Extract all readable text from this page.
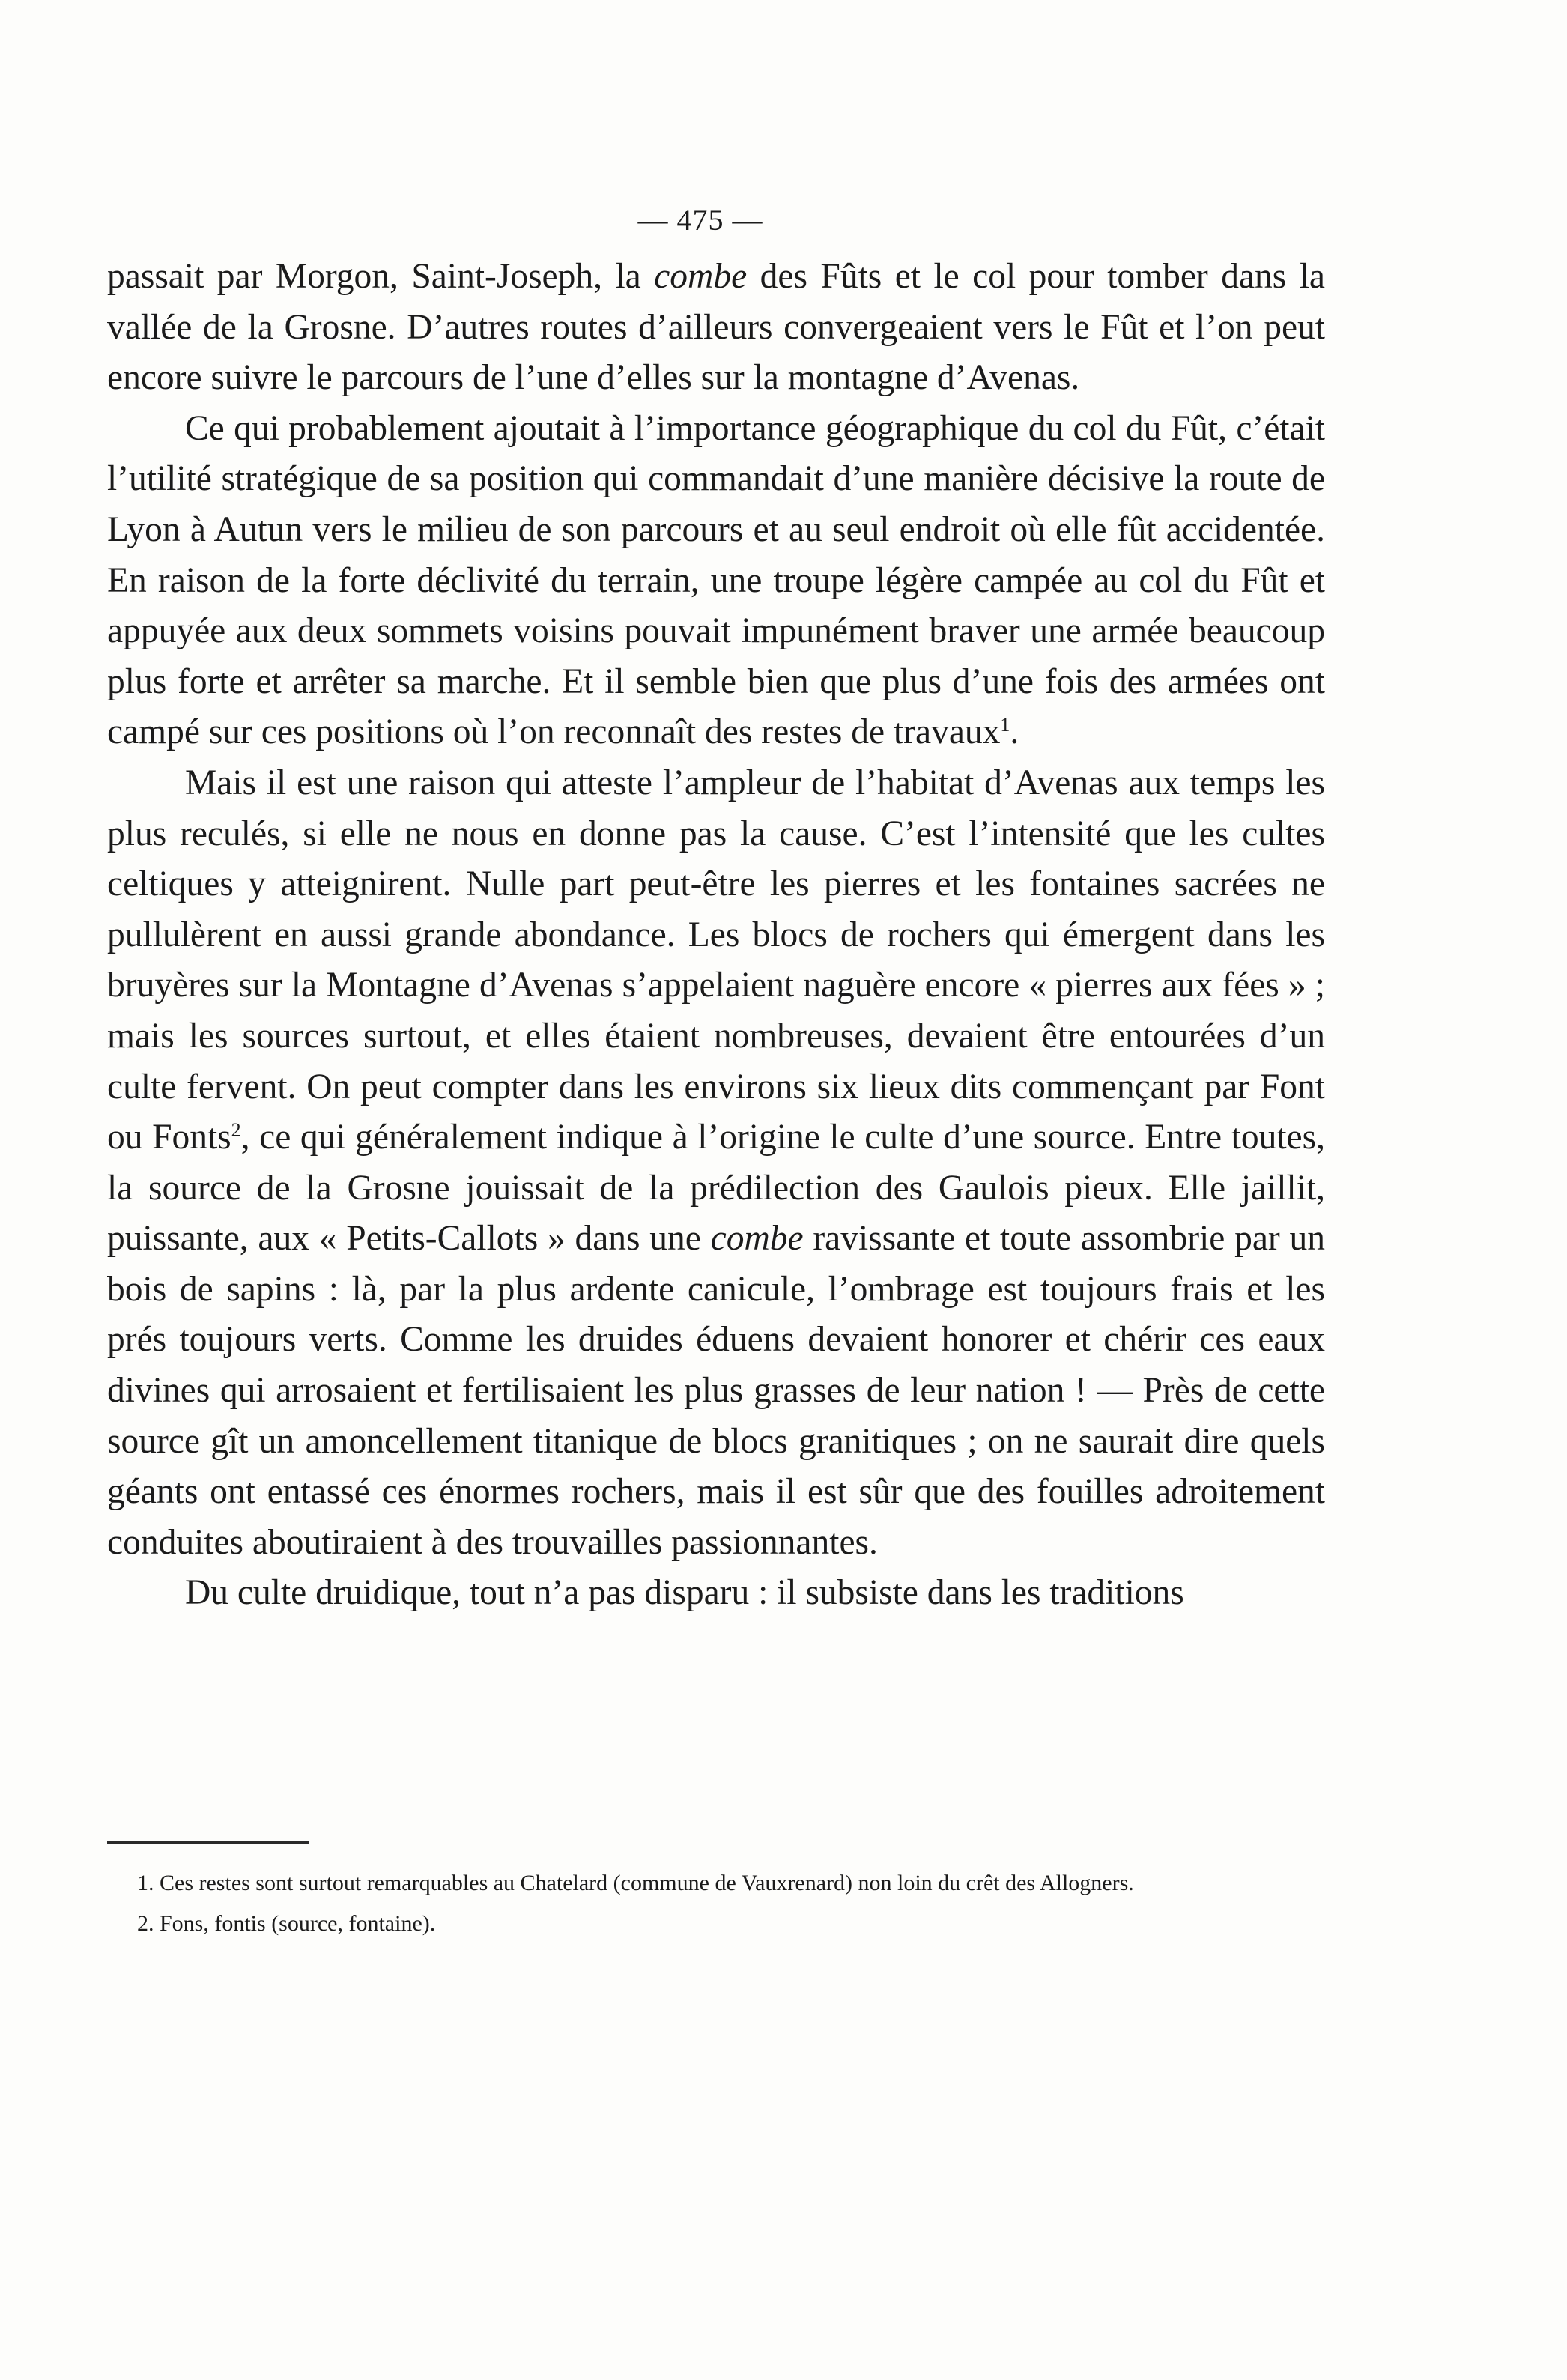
— 475 —

passait par Morgon, Saint-Joseph, la combe des Fûts et le col pour tomber dans la vallée de la Grosne. D’autres routes d’ailleurs convergeaient vers le Fût et l’on peut encore suivre le parcours de l’une d’elles sur la montagne d’Avenas.

Ce qui probablement ajoutait à l’importance géographique du col du Fût, c’était l’utilité stratégique de sa position qui commandait d’une manière décisive la route de Lyon à Autun vers le milieu de son parcours et au seul endroit où elle fût accidentée. En raison de la forte déclivité du terrain, une troupe légère campée au col du Fût et appuyée aux deux sommets voisins pouvait impunément braver une armée beaucoup plus forte et arrêter sa marche. Et il semble bien que plus d’une fois des armées ont campé sur ces positions où l’on reconnaît des restes de travaux$^1$.

Mais il est une raison qui atteste l’ampleur de l’habitat d’Avenas aux temps les plus reculés, si elle ne nous en donne pas la cause. C’est l’intensité que les cultes celtiques y atteignirent. Nulle part peut-être les pierres et les fontaines sacrées ne pullulèrent en aussi grande abondance. Les blocs de rochers qui émergent dans les bruyères sur la Montagne d’Avenas s’appelaient naguère encore « pierres aux fées » ; mais les sources surtout, et elles étaient nombreuses, devaient être entourées d’un culte fervent. On peut compter dans les environs six lieux dits commençant par Font ou Fonts$^2$, ce qui généralement indique à l’origine le culte d’une source. Entre toutes, la source de la Grosne jouissait de la prédilection des Gaulois pieux. Elle jaillit, puissante, aux « Petits-Callots » dans une combe ravissante et toute assombrie par un bois de sapins : là, par la plus ardente canicule, l’ombrage est toujours frais et les prés toujours verts. Comme les druides éduens devaient honorer et chérir ces eaux divines qui arrosaient et fertilisaient les plus grasses de leur nation ! — Près de cette source gît un amoncellement titanique de blocs granitiques ; on ne saurait dire quels géants ont entassé ces énormes rochers, mais il est sûr que des fouilles adroitement conduites aboutiraient à des trouvailles passionnantes.

Du culte druidique, tout n’a pas disparu : il subsiste dans les traditions

1. Ces restes sont surtout remarquables au Chatelard (commune de Vauxrenard) non loin du crêt des Allogners.

2. Fons, fontis (source, fontaine).
